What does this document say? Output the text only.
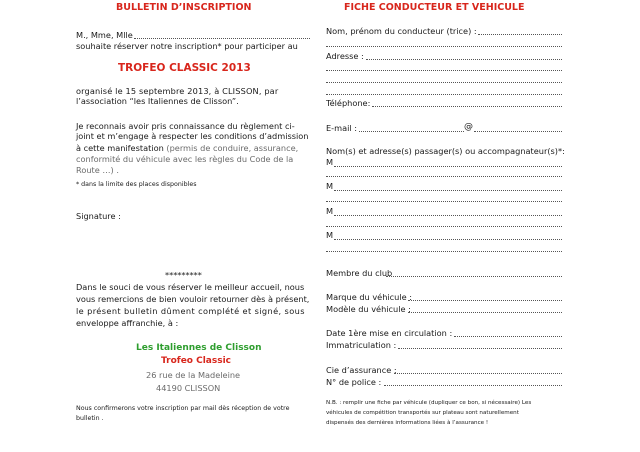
BULLETIN D’INSCRIPTION
M., Mme, Mlle
souhaite réserver notre inscription* pour participer au
TROFEO CLASSIC 2013
organisé le 15 septembre 2013, à CLISSON, par
l’association “les Italiennes de Clisson”.
Je reconnais avoir pris connaissance du règlement ci-
joint et m’engage à respecter les conditions d’admission
à cette manifestation (permis de conduire, assurance,
conformité du véhicule avec les règles du Code de la
Route …) .
* dans la limite des places disponibles
Signature :
*********
Dans le souci de vous réserver le meilleur accueil, nous
vous remercions de bien vouloir retourner dès à présent,
le présent bulletin dûment complété et signé, sous
enveloppe affranchie, à :
Les Italiennes de Clisson
Trofeo Classic
26 rue de la Madeleine
44190 CLISSON
Nous confirmerons votre inscription par mail dès réception de votre
bulletin .
FICHE CONDUCTEUR ET VEHICULE
Nom, prénom du conducteur (trice) :
Adresse :
Téléphone:
E-mail :	@
Nom(s) et adresse(s) passager(s) ou accompagnateur(s)*:
M
M
M
M
Membre du club
Marque du véhicule :
Modèle du véhicule :
Date 1ère mise en circulation :
Immatriculation :
Cie d’assurance :
N° de police :
N.B. : remplir une fiche par véhicule (dupliquer ce bon, si nécessaire) Les
véhicules de compétition transportés sur plateau sont naturellement
dispensés des dernières informations liées à l’assurance !
